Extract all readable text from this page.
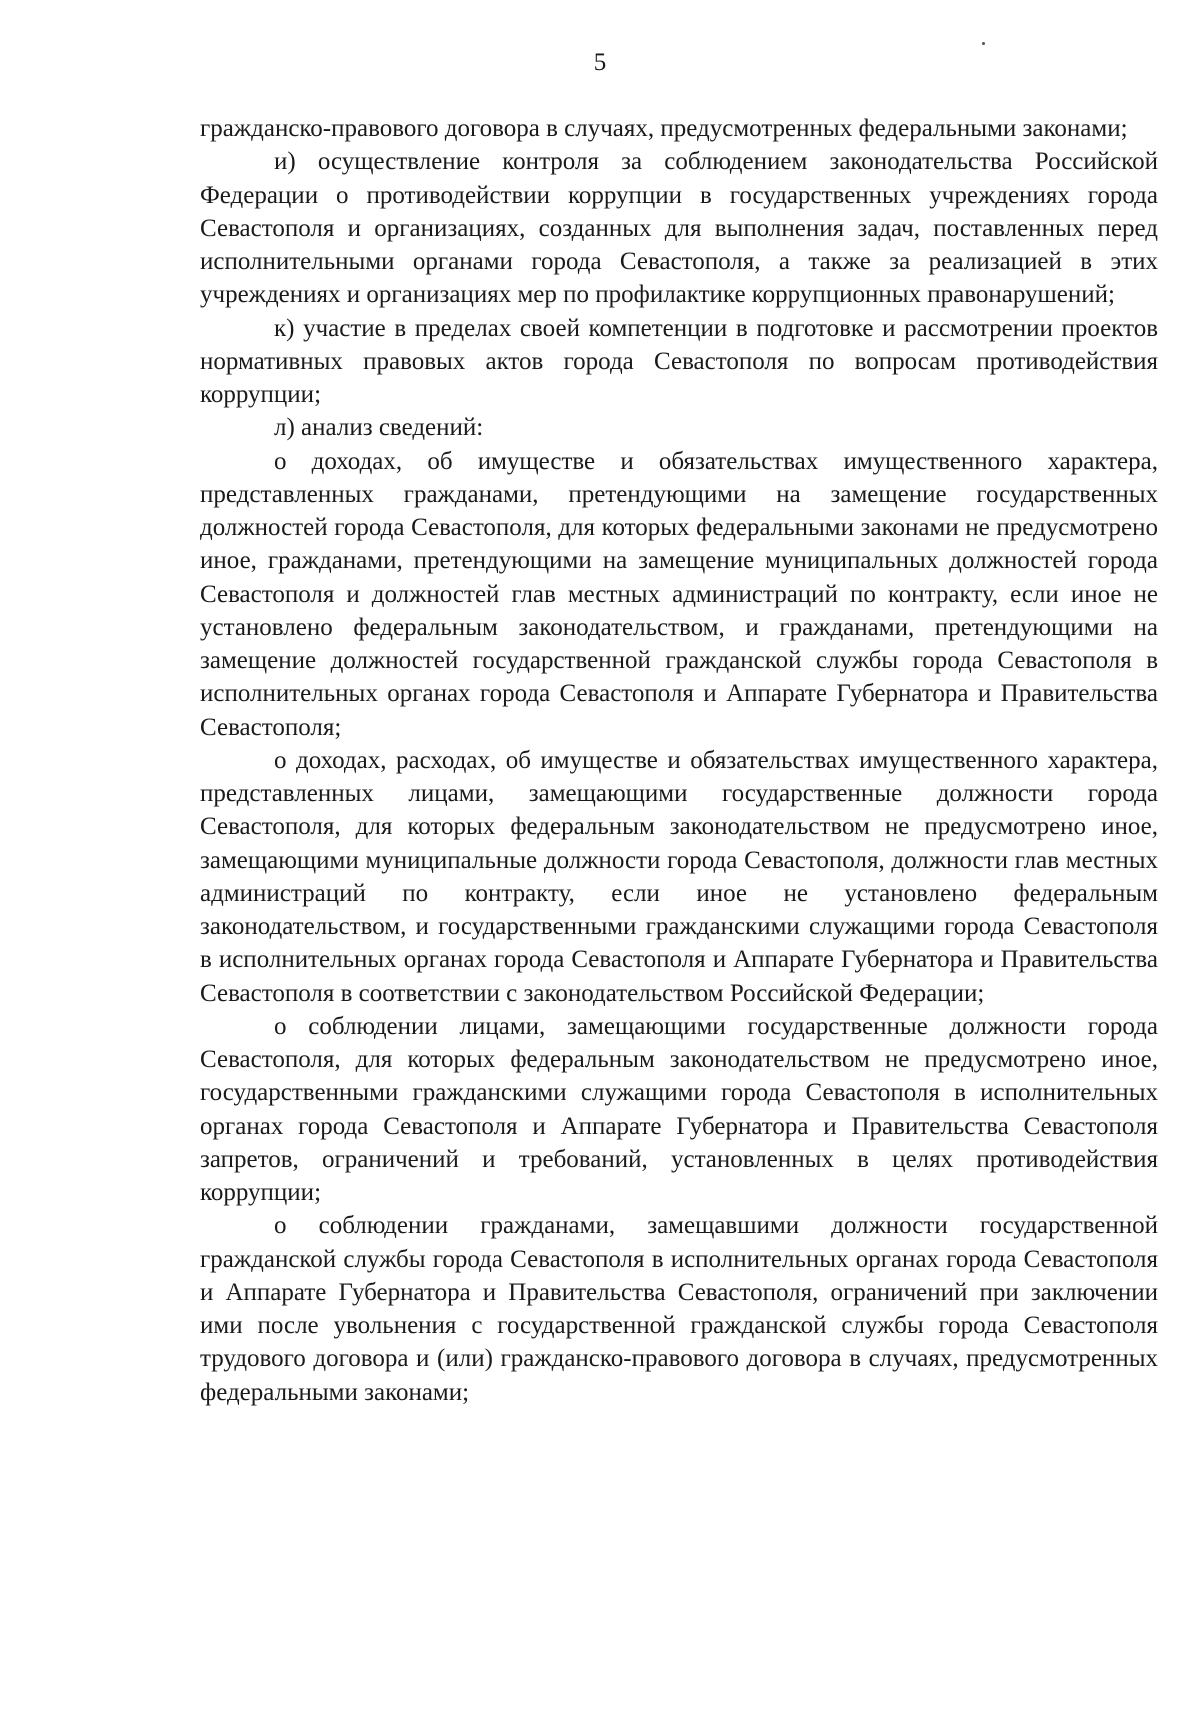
5

гражданско-правового договора в случаях, предусмотренных федеральными законами;

и) осуществление контроля за соблюдением законодательства Российской Федерации о противодействии коррупции в государственных учреждениях города Севастополя и организациях, созданных для выполнения задач, поставленных перед исполнительными органами города Севастополя, а также за реализацией в этих учреждениях и организациях мер по профилактике коррупционных правонарушений;

к) участие в пределах своей компетенции в подготовке и рассмотрении проектов нормативных правовых актов города Севастополя по вопросам противодействия коррупции;

л) анализ сведений:

о доходах, об имуществе и обязательствах имущественного характера, представленных гражданами, претендующими на замещение государственных должностей города Севастополя, для которых федеральными законами не предусмотрено иное, гражданами, претендующими на замещение муниципальных должностей города Севастополя и должностей глав местных администраций по контракту, если иное не установлено федеральным законодательством, и гражданами, претендующими на замещение должностей государственной гражданской службы города Севастополя в исполнительных органах города Севастополя и Аппарате Губернатора и Правительства Севастополя;

о доходах, расходах, об имуществе и обязательствах имущественного характера, представленных лицами, замещающими государственные должности города Севастополя, для которых федеральным законодательством не предусмотрено иное, замещающими муниципальные должности города Севастополя, должности глав местных администраций по контракту, если иное не установлено федеральным законодательством, и государственными гражданскими служащими города Севастополя в исполнительных органах города Севастополя и Аппарате Губернатора и Правительства Севастополя в соответствии с законодательством Российской Федерации;

о соблюдении лицами, замещающими государственные должности города Севастополя, для которых федеральным законодательством не предусмотрено иное, государственными гражданскими служащими города Севастополя в исполнительных органах города Севастополя и Аппарате Губернатора и Правительства Севастополя запретов, ограничений и требований, установленных в целях противодействия коррупции;

о соблюдении гражданами, замещавшими должности государственной гражданской службы города Севастополя в исполнительных органах города Севастополя и Аппарате Губернатора и Правительства Севастополя, ограничений при заключении ими после увольнения с государственной гражданской службы города Севастополя трудового договора и (или) гражданско-правового договора в случаях, предусмотренных федеральными законами;
